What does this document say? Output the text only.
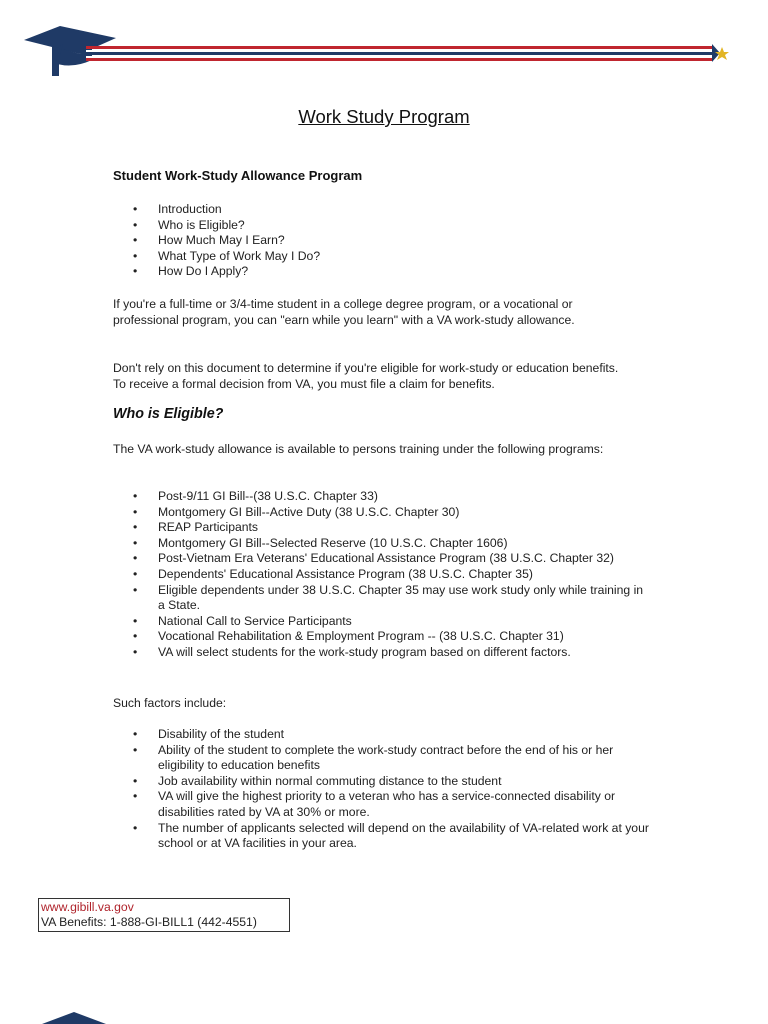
Work Study Program
Student Work-Study Allowance Program
• Introduction
• Who is Eligible?
• How Much May I Earn?
• What Type of Work May I Do?
• How Do I Apply?

If you're a full-time or 3/4-time student in a college degree program, or a vocational or professional program, you can "earn while you learn" with a VA work-study allowance.

Don't rely on this document to determine if you're eligible for work-study or education benefits. To receive a formal decision from VA, you must file a claim for benefits.

Who is Eligible?

The VA work-study allowance is available to persons training under the following programs:

• Post-9/11 GI Bill--(38 U.S.C. Chapter 33)
• Montgomery GI Bill--Active Duty (38 U.S.C. Chapter 30)
• REAP Participants
• Montgomery GI Bill--Selected Reserve (10 U.S.C. Chapter 1606)
• Post-Vietnam Era Veterans' Educational Assistance Program (38 U.S.C. Chapter 32)
• Dependents' Educational Assistance Program (38 U.S.C. Chapter 35)
• Eligible dependents under 38 U.S.C. Chapter 35 may use work study only while training in a State.
• National Call to Service Participants
• Vocational Rehabilitation & Employment Program -- (38 U.S.C. Chapter 31)
• VA will select students for the work-study program based on different factors.

Such factors include:

• Disability of the student
• Ability of the student to complete the work-study contract before the end of his or her eligibility to education benefits
• Job availability within normal commuting distance to the student
• VA will give the highest priority to a veteran who has a service-connected disability or disabilities rated by VA at 30% or more.
• The number of applicants selected will depend on the availability of VA-related work at your school or at VA facilities in your area.
www.gibill.va.gov
VA Benefits: 1-888-GI-BILL1 (442-4551)
